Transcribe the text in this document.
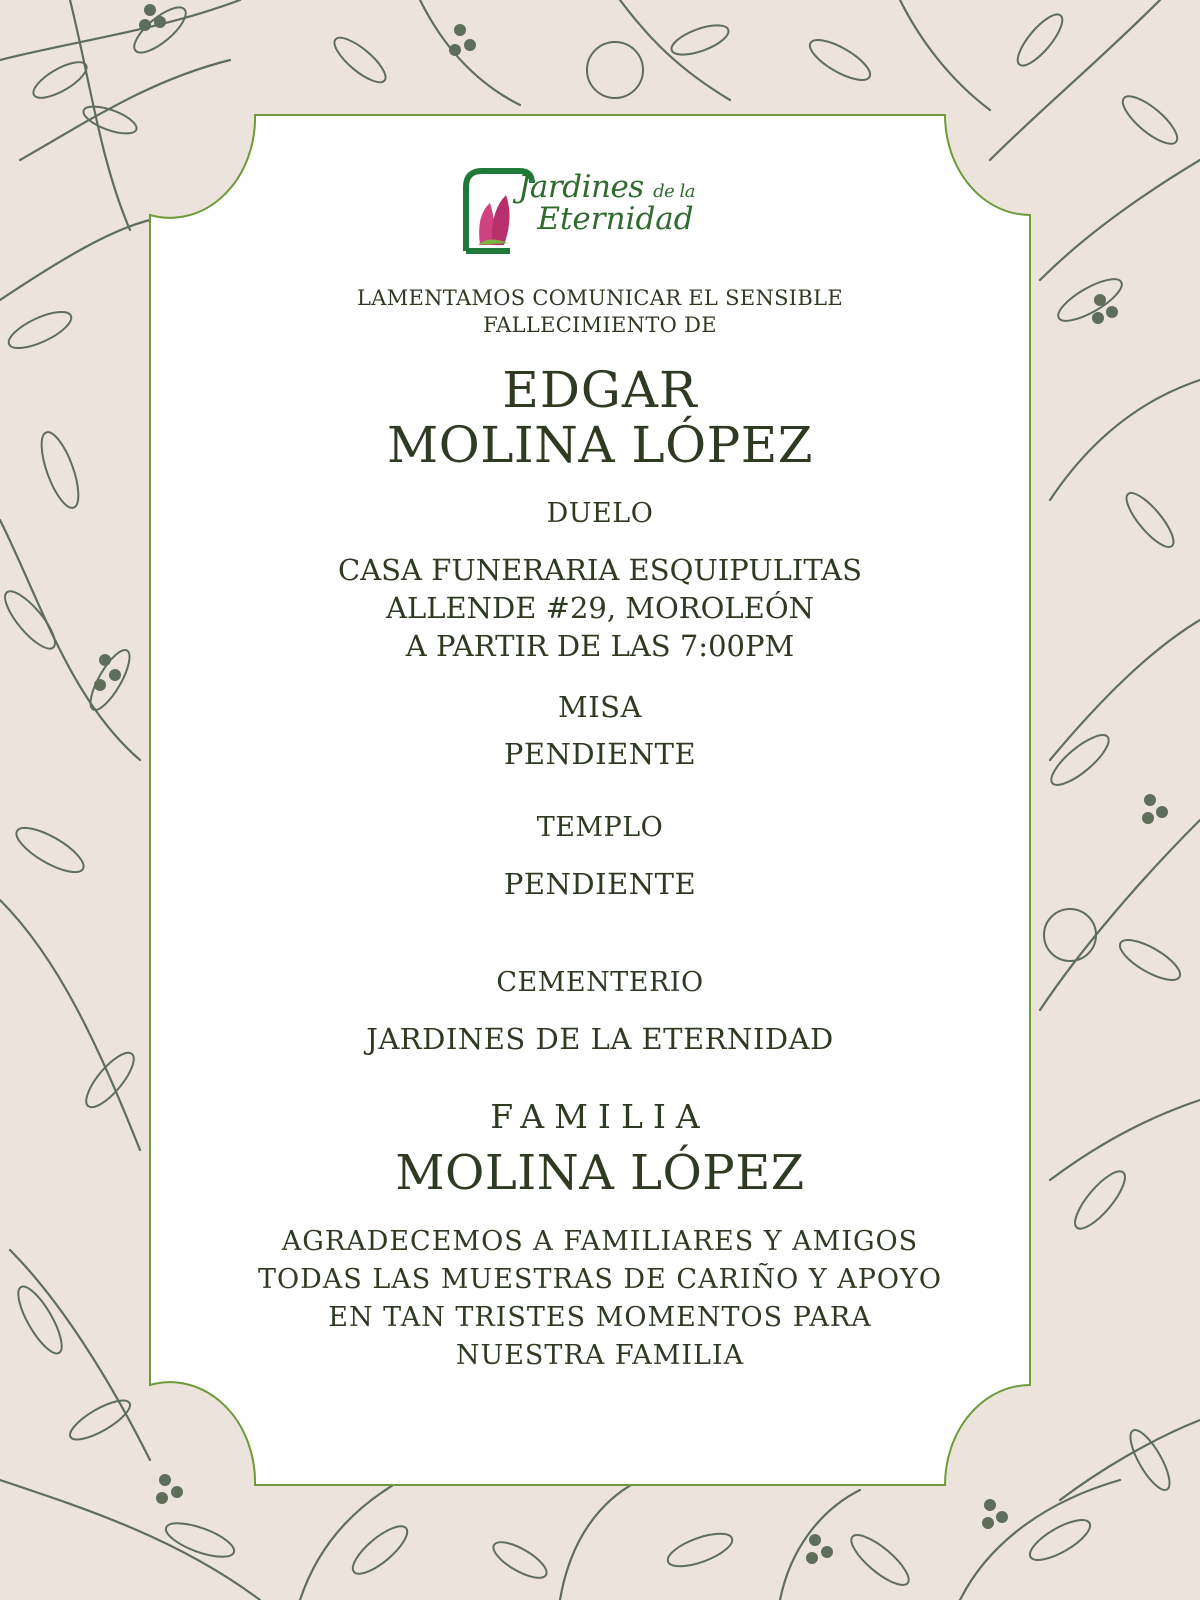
Jardines de la
Eternidad
LAMENTAMOS COMUNICAR EL SENSIBLE
FALLECIMIENTO DE
EDGAR
MOLINA LÓPEZ
DUELO
CASA FUNERARIA ESQUIPULITAS
ALLENDE #29, MOROLEÓN
A PARTIR DE LAS 7:00PM
MISA
PENDIENTE
TEMPLO
PENDIENTE
CEMENTERIO
JARDINES DE LA ETERNIDAD
FAMILIA
MOLINA LÓPEZ
AGRADECEMOS A FAMILIARES Y AMIGOS
TODAS LAS MUESTRAS DE CARIÑO Y APOYO
EN TAN TRISTES MOMENTOS PARA
NUESTRA FAMILIA
